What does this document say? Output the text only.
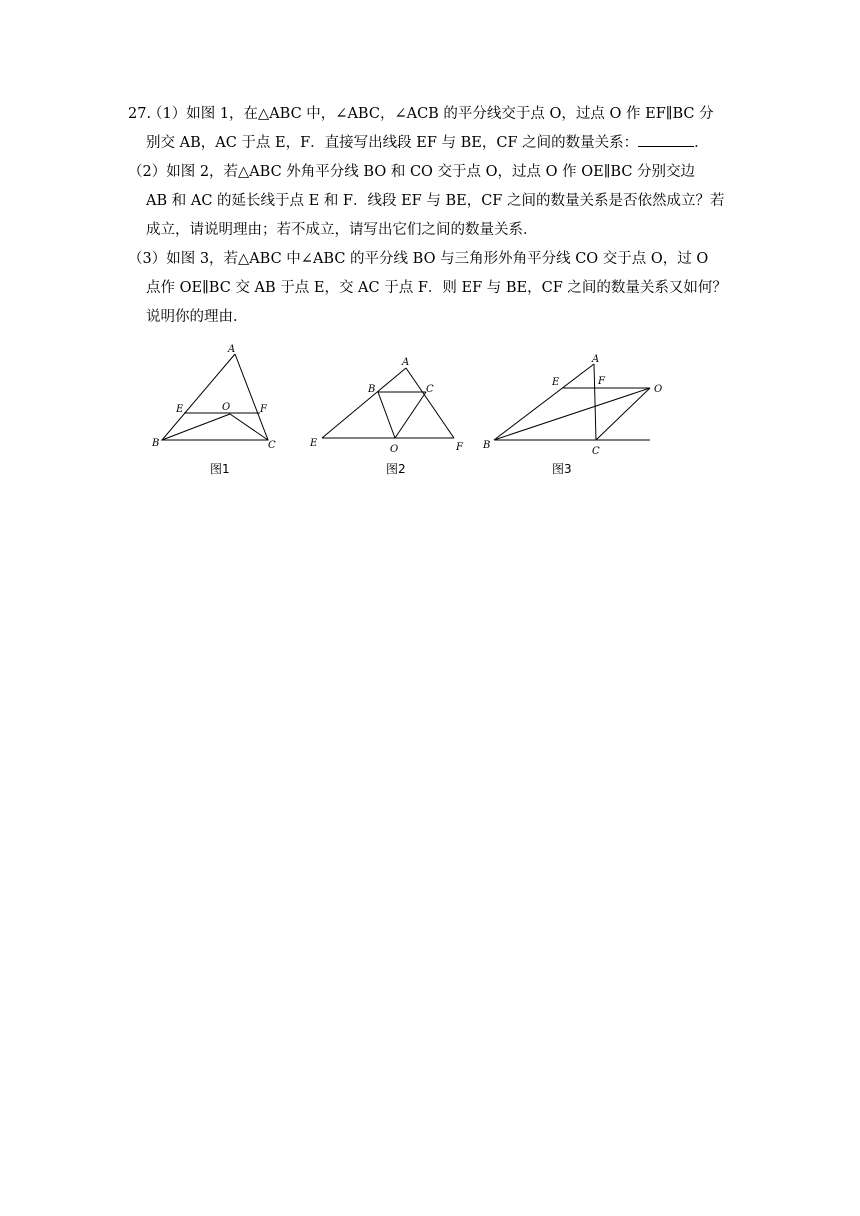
27.
（1）如图 1，在△ABC 中，∠ABC，∠ACB 的平分线交于点 O，过点 O 作 EF∥BC 分
别交 AB，AC 于点 E，F．直接写出线段 EF 与 BE，CF 之间的数量关系：	．
（2）如图 2，若△ABC 外角平分线 BO 和 CO 交于点 O，过点 O 作 OE∥BC 分别交边
AB 和 AC 的延长线于点 E 和 F．线段 EF 与 BE，CF 之间的数量关系是否依然成立？若
成立，请说明理由；若不成立，请写出它们之间的数量关系．
（3）如图 3，若△ABC 中∠ABC 的平分线 BO 与三角形外角平分线 CO 交于点 O，过 O
点作 OE∥BC 交 AB 于点 E，交 AC 于点 F．则 EF 与 BE，CF 之间的数量关系又如何？
说明你的理由．
A
B	C
E	O	F
图1
A
B	C
E
O	F
图2
A
E	F
O
B
C
图3
